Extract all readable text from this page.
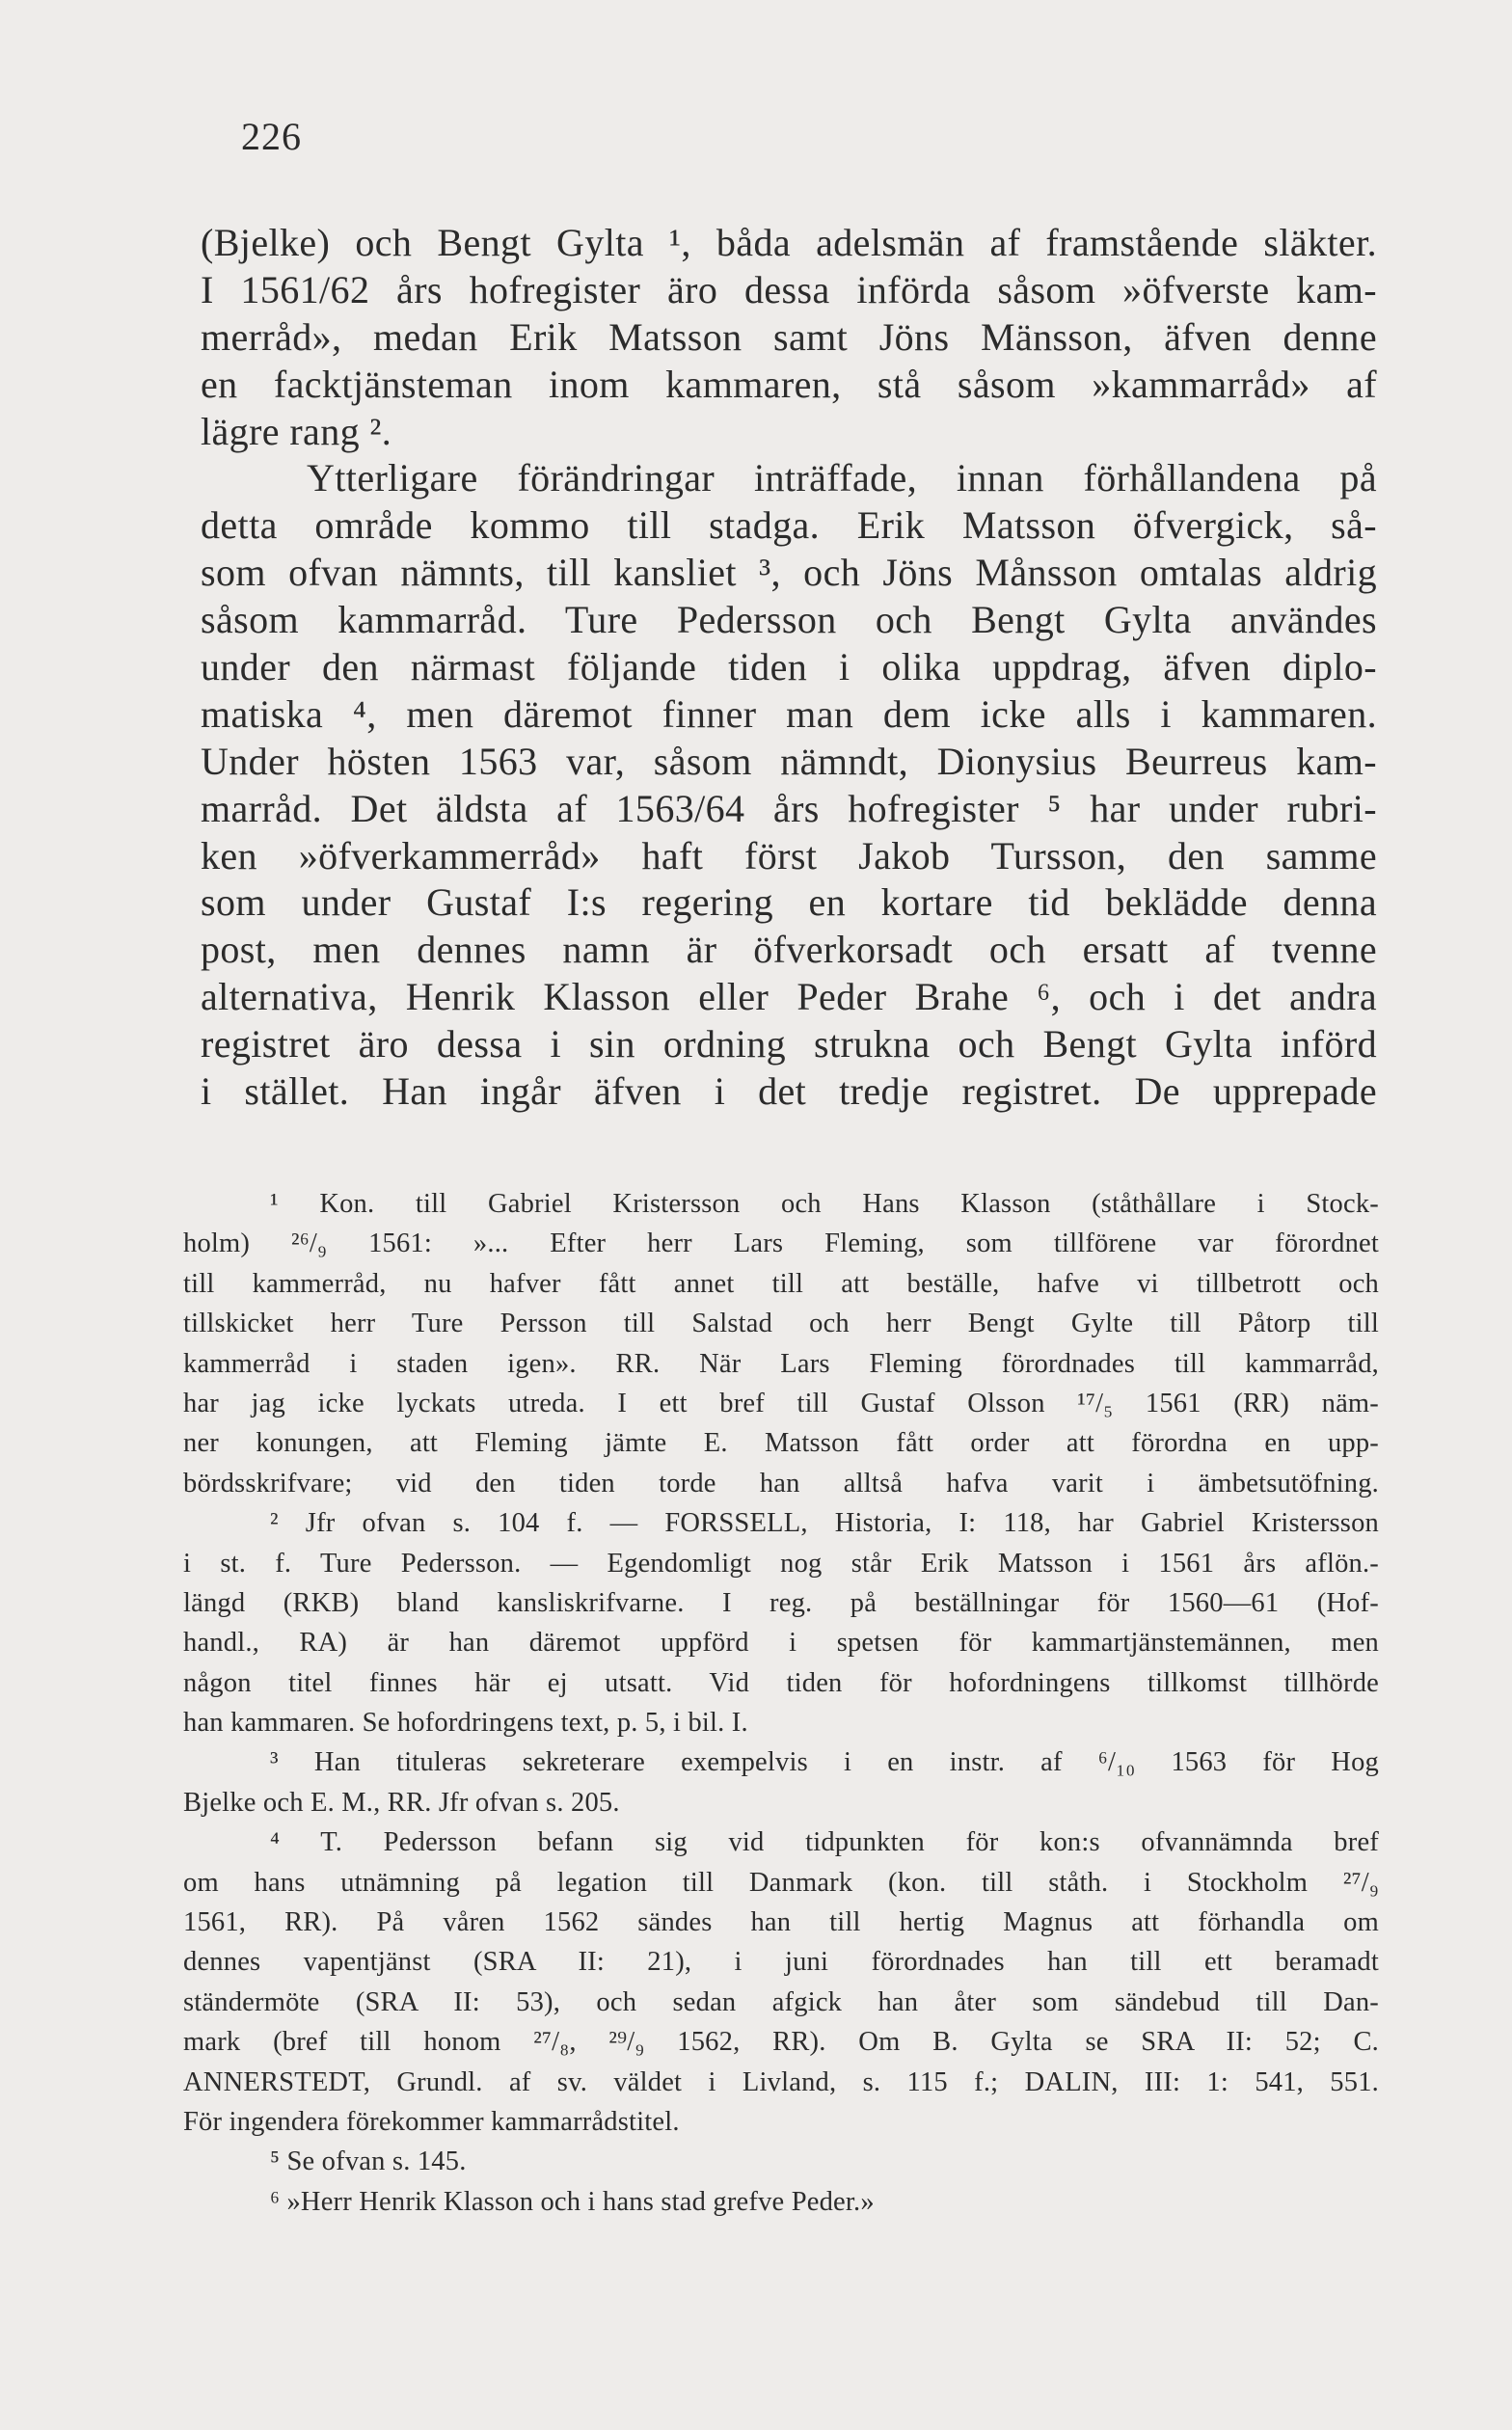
226
(Bjelke) och Bengt Gylta ¹, båda adelsmän af framstående släkter.
I 1561/62 års hofregister äro dessa införda såsom »öfverste kam-
merråd», medan Erik Matsson samt Jöns Mänsson, äfven denne
en facktjänsteman inom kammaren, stå såsom »kammarråd» af
lägre rang ².
Ytterligare förändringar inträffade, innan förhållandena på
detta område kommo till stadga. Erik Matsson öfvergick, så-
som ofvan nämnts, till kansliet ³, och Jöns Månsson omtalas aldrig
såsom kammarråd. Ture Pedersson och Bengt Gylta användes
under den närmast följande tiden i olika uppdrag, äfven diplo-
matiska ⁴, men däremot finner man dem icke alls i kammaren.
Under hösten 1563 var, såsom nämndt, Dionysius Beurreus kam-
marråd. Det äldsta af 1563/64 års hofregister ⁵ har under rubri-
ken »öfverkammerråd» haft först Jakob Tursson, den samme
som under Gustaf I:s regering en kortare tid beklädde denna
post, men dennes namn är öfverkorsadt och ersatt af tvenne
alternativa, Henrik Klasson eller Peder Brahe ⁶, och i det andra
registret äro dessa i sin ordning strukna och Bengt Gylta införd
i stället. Han ingår äfven i det tredje registret. De upprepade
¹ Kon. till Gabriel Kristersson och Hans Klasson (ståthållare i Stock-
holm) ²⁶/₉ 1561: »... Efter herr Lars Fleming, som tillförene var förordnet
till kammerråd, nu hafver fått annet till att beställe, hafve vi tillbetrott och
tillskicket herr Ture Persson till Salstad och herr Bengt Gylte till Påtorp till
kammerråd i staden igen». RR. När Lars Fleming förordnades till kammarråd,
har jag icke lyckats utreda. I ett bref till Gustaf Olsson ¹⁷/₅ 1561 (RR) näm-
ner konungen, att Fleming jämte E. Matsson fått order att förordna en upp-
bördsskrifvare; vid den tiden torde han alltså hafva varit i ämbetsutöfning.
² Jfr ofvan s. 104 f. — FORSSELL, Historia, I: 118, har Gabriel Kristersson
i st. f. Ture Pedersson. — Egendomligt nog står Erik Matsson i 1561 års aflön.-
längd (RKB) bland kansliskrifvarne. I reg. på beställningar för 1560—61 (Hof-
handl., RA) är han däremot uppförd i spetsen för kammartjänstemännen, men
någon titel finnes här ej utsatt. Vid tiden för hofordningens tillkomst tillhörde
han kammaren. Se hofordringens text, p. 5, i bil. I.
³ Han tituleras sekreterare exempelvis i en instr. af ⁶/₁₀ 1563 för Hog
Bjelke och E. M., RR. Jfr ofvan s. 205.
⁴ T. Pedersson befann sig vid tidpunkten för kon:s ofvannämnda bref
om hans utnämning på legation till Danmark (kon. till ståth. i Stockholm ²⁷/₉
1561, RR). På våren 1562 sändes han till hertig Magnus att förhandla om
dennes vapentjänst (SRA II: 21), i juni förordnades han till ett beramadt
ständermöte (SRA II: 53), och sedan afgick han åter som sändebud till Dan-
mark (bref till honom ²⁷/₈, ²⁹/₉ 1562, RR). Om B. Gylta se SRA II: 52; C.
ANNERSTEDT, Grundl. af sv. väldet i Livland, s. 115 f.; DALIN, III: 1: 541, 551.
För ingendera förekommer kammarrådstitel.
⁵ Se ofvan s. 145.
⁶ »Herr Henrik Klasson och i hans stad grefve Peder.»
